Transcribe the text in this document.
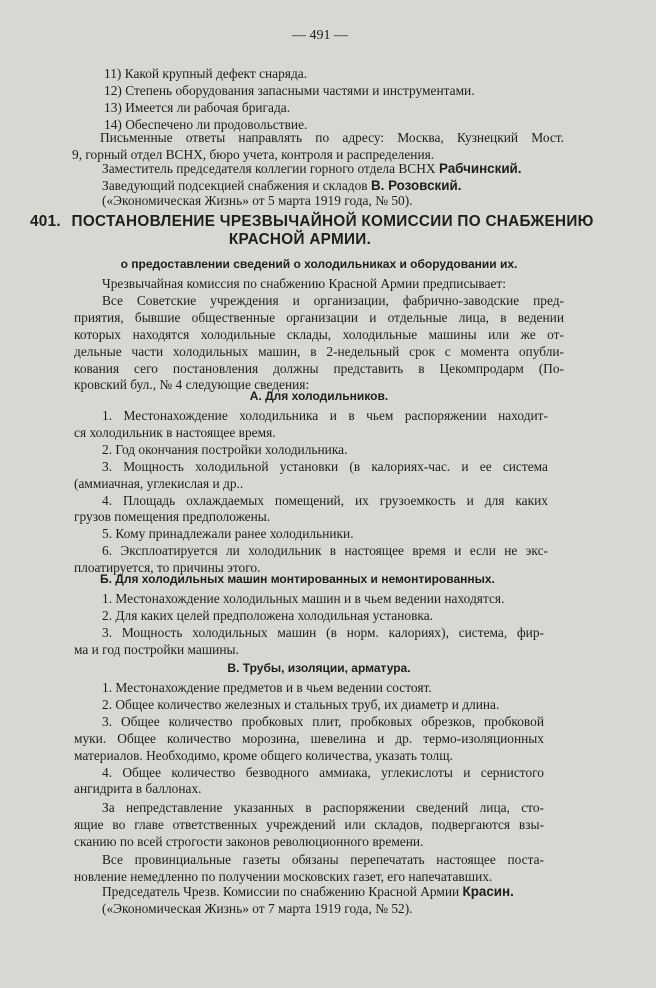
— 491 —
11) Какой крупный дефект снаряда.
12) Степень оборудования запасными частями и инструментами.
13) Имеется ли рабочая бригада.
14) Обеспечено ли продовольствие.
Письменные ответы направлять по адресу: Москва, Кузнецкий Мост.
9, горный отдел ВСНХ, бюро учета, контроля и распределения.
Заместитель председателя коллегии горного отдела ВСНХ Рабчинский.
Заведующий подсекцией снабжения и складов В. Розовский.
(«Экономическая Жизнь» от 5 марта 1919 года, № 50).
401. ПОСТАНОВЛЕНИЕ ЧРЕЗВЫЧАЙНОЙ КОМИССИИ ПО СНАБЖЕНИЮ
КРАСНОЙ АРМИИ.
о предоставлении сведений о холодильниках и оборудовании их.
Чрезвычайная комиссия по снабжению Красной Армии предписывает:
Все Советские учреждения и организации, фабрично-заводские пред-
приятия, бывшие общественные организации и отдельные лица, в ведении
которых находятся холодильные склады, холодильные машины или же от-
дельные части холодильных машин, в 2-недельный срок с момента опубли-
кования сего постановления должны представить в Цекомпродарм (По-
кровский бул., № 4 следующие сведения:
А. Для холодильников.
1. Местонахождение холодильника и в чьем распоряжении находит-
ся холодильник в настоящее время.
2. Год окончания постройки холодильника.
3. Мощность холодильной установки (в калориях-час. и ее система
(аммиачная, углекислая и др..
4. Площадь охлаждаемых помещений, их грузоемкость и для каких
грузов помещения предположены.
5. Кому принадлежали ранее холодильники.
6. Эксплоатируется ли холодильник в настоящее время и если не экс-
плоатируется, то причины этого.
Б. Для холодильных машин монтированных и немонтированных.
1. Местонахождение холодильных машин и в чьем ведении находятся.
2. Для каких целей предположена холодильная установка.
3. Мощность холодильных машин (в норм. калориях), система, фир-
ма и год постройки машины.
В. Трубы, изоляции, арматура.
1. Местонахождение предметов и в чьем ведении состоят.
2. Общее количество железных и стальных труб, их диаметр и длина.
3. Общее количество пробковых плит, пробковых обрезков, пробковой
муки. Общее количество морозина, шевелина и др. термо-изоляционных
материалов. Необходимо, кроме общего количества, указать толщ.
4. Общее количество безводного аммиака, углекислоты и сернистого
ангидрита в баллонах.
За непредставление указанных в распоряжении сведений лица, сто-
ящие во главе ответственных учреждений или складов, подвергаются взы-
сканию по всей строгости законов революционного времени.
Все провинциальные газеты обязаны перепечатать настоящее поста-
новление немедленно по получении московских газет, его напечатавших.
Председатель Чрезв. Комиссии по снабжению Красной Армии Красин.
(«Экономическая Жизнь» от 7 марта 1919 года, № 52).
